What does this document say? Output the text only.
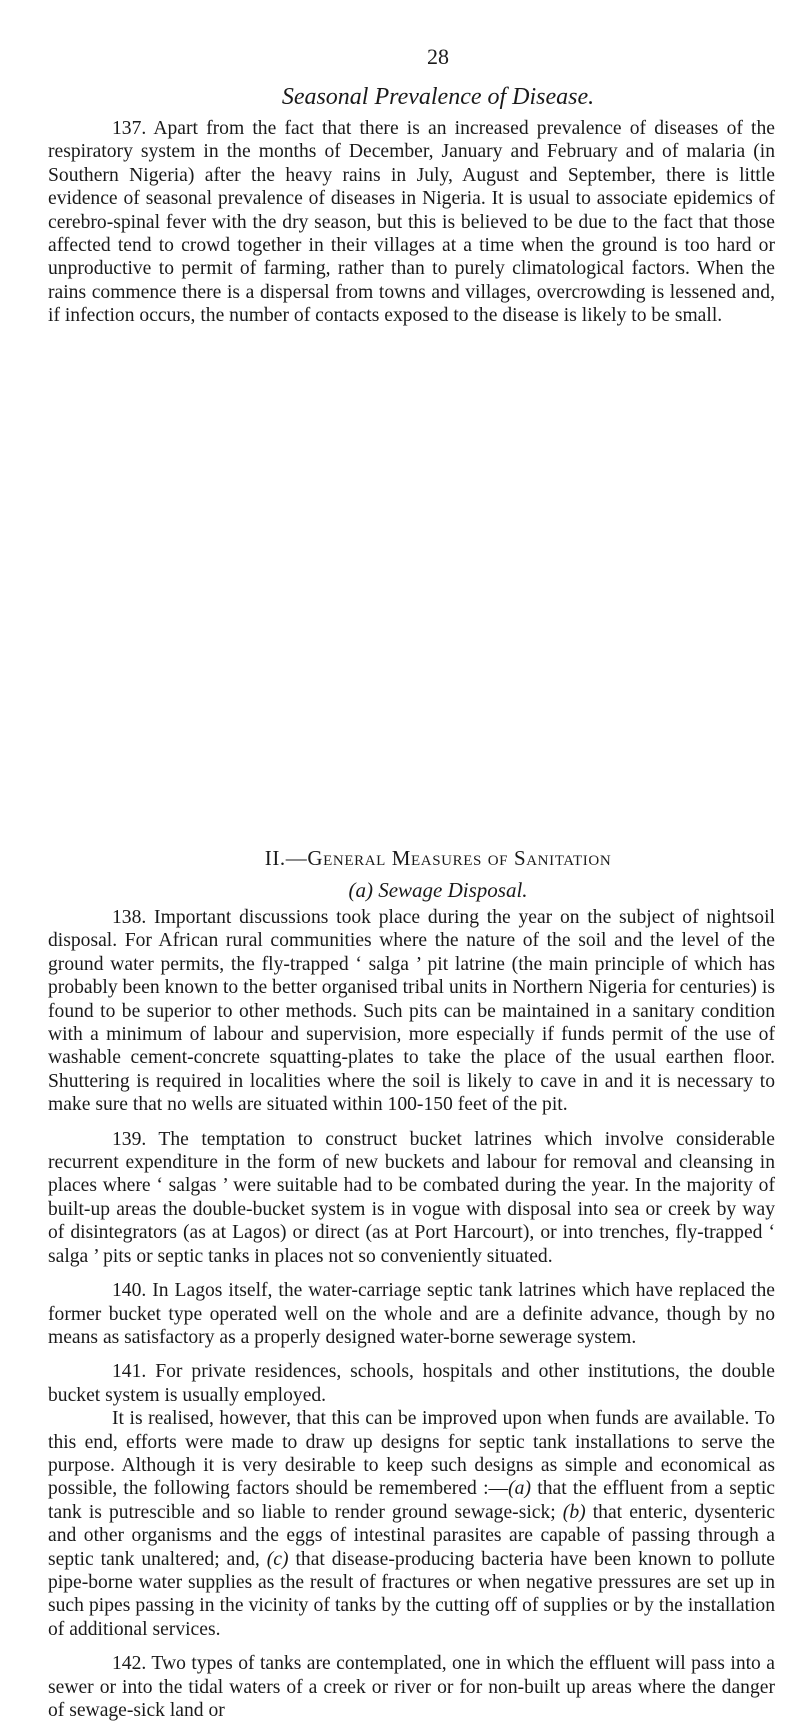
28
Seasonal Prevalence of Disease.

137. Apart from the fact that there is an increased prevalence of diseases of the respiratory system in the months of December, January and February and of malaria (in Southern Nigeria) after the heavy rains in July, August and September, there is little evidence of seasonal prevalence of diseases in Nigeria. It is usual to associate epidemics of cerebro-spinal fever with the dry season, but this is believed to be due to the fact that those affected tend to crowd together in their villages at a time when the ground is too hard or unproductive to permit of farming, rather than to purely climatological factors. When the rains commence there is a dispersal from towns and villages, overcrowding is lessened and, if infection occurs, the number of contacts exposed to the disease is likely to be small.

II.—General Measures of Sanitation
(a) Sewage Disposal.

138. Important discussions took place during the year on the subject of nightsoil disposal. For African rural communities where the nature of the soil and the level of the ground water permits, the fly-trapped ‘ salga ’ pit latrine (the main principle of which has probably been known to the better organised tribal units in Northern Nigeria for centuries) is found to be superior to other methods. Such pits can be maintained in a sanitary condition with a minimum of labour and supervision, more especially if funds permit of the use of washable cement-concrete squatting-plates to take the place of the usual earthen floor. Shuttering is required in localities where the soil is likely to cave in and it is necessary to make sure that no wells are situated within 100-150 feet of the pit.

139. The temptation to construct bucket latrines which involve considerable recurrent expenditure in the form of new buckets and labour for removal and cleansing in places where ‘ salgas ’ were suitable had to be combated during the year. In the majority of built-up areas the double-bucket system is in vogue with disposal into sea or creek by way of disintegrators (as at Lagos) or direct (as at Port Harcourt), or into trenches, fly-trapped ‘ salga ’ pits or septic tanks in places not so conveniently situated.

140. In Lagos itself, the water-carriage septic tank latrines which have replaced the former bucket type operated well on the whole and are a definite advance, though by no means as satisfactory as a properly designed water-borne sewerage system.

141. For private residences, schools, hospitals and other institutions, the double bucket system is usually employed.

It is realised, however, that this can be improved upon when funds are available. To this end, efforts were made to draw up designs for septic tank installations to serve the purpose. Although it is very desirable to keep such designs as simple and economical as possible, the following factors should be remembered :—(a) that the effluent from a septic tank is putrescible and so liable to render ground sewage-sick; (b) that enteric, dysenteric and other organisms and the eggs of intestinal parasites are capable of passing through a septic tank unaltered; and, (c) that disease-producing bacteria have been known to pollute pipe-borne water supplies as the result of fractures or when negative pressures are set up in such pipes passing in the vicinity of tanks by the cutting off of supplies or by the installation of additional services.

142. Two types of tanks are contemplated, one in which the effluent will pass into a sewer or into the tidal waters of a creek or river or for non-built up areas where the danger of sewage-sick land or
